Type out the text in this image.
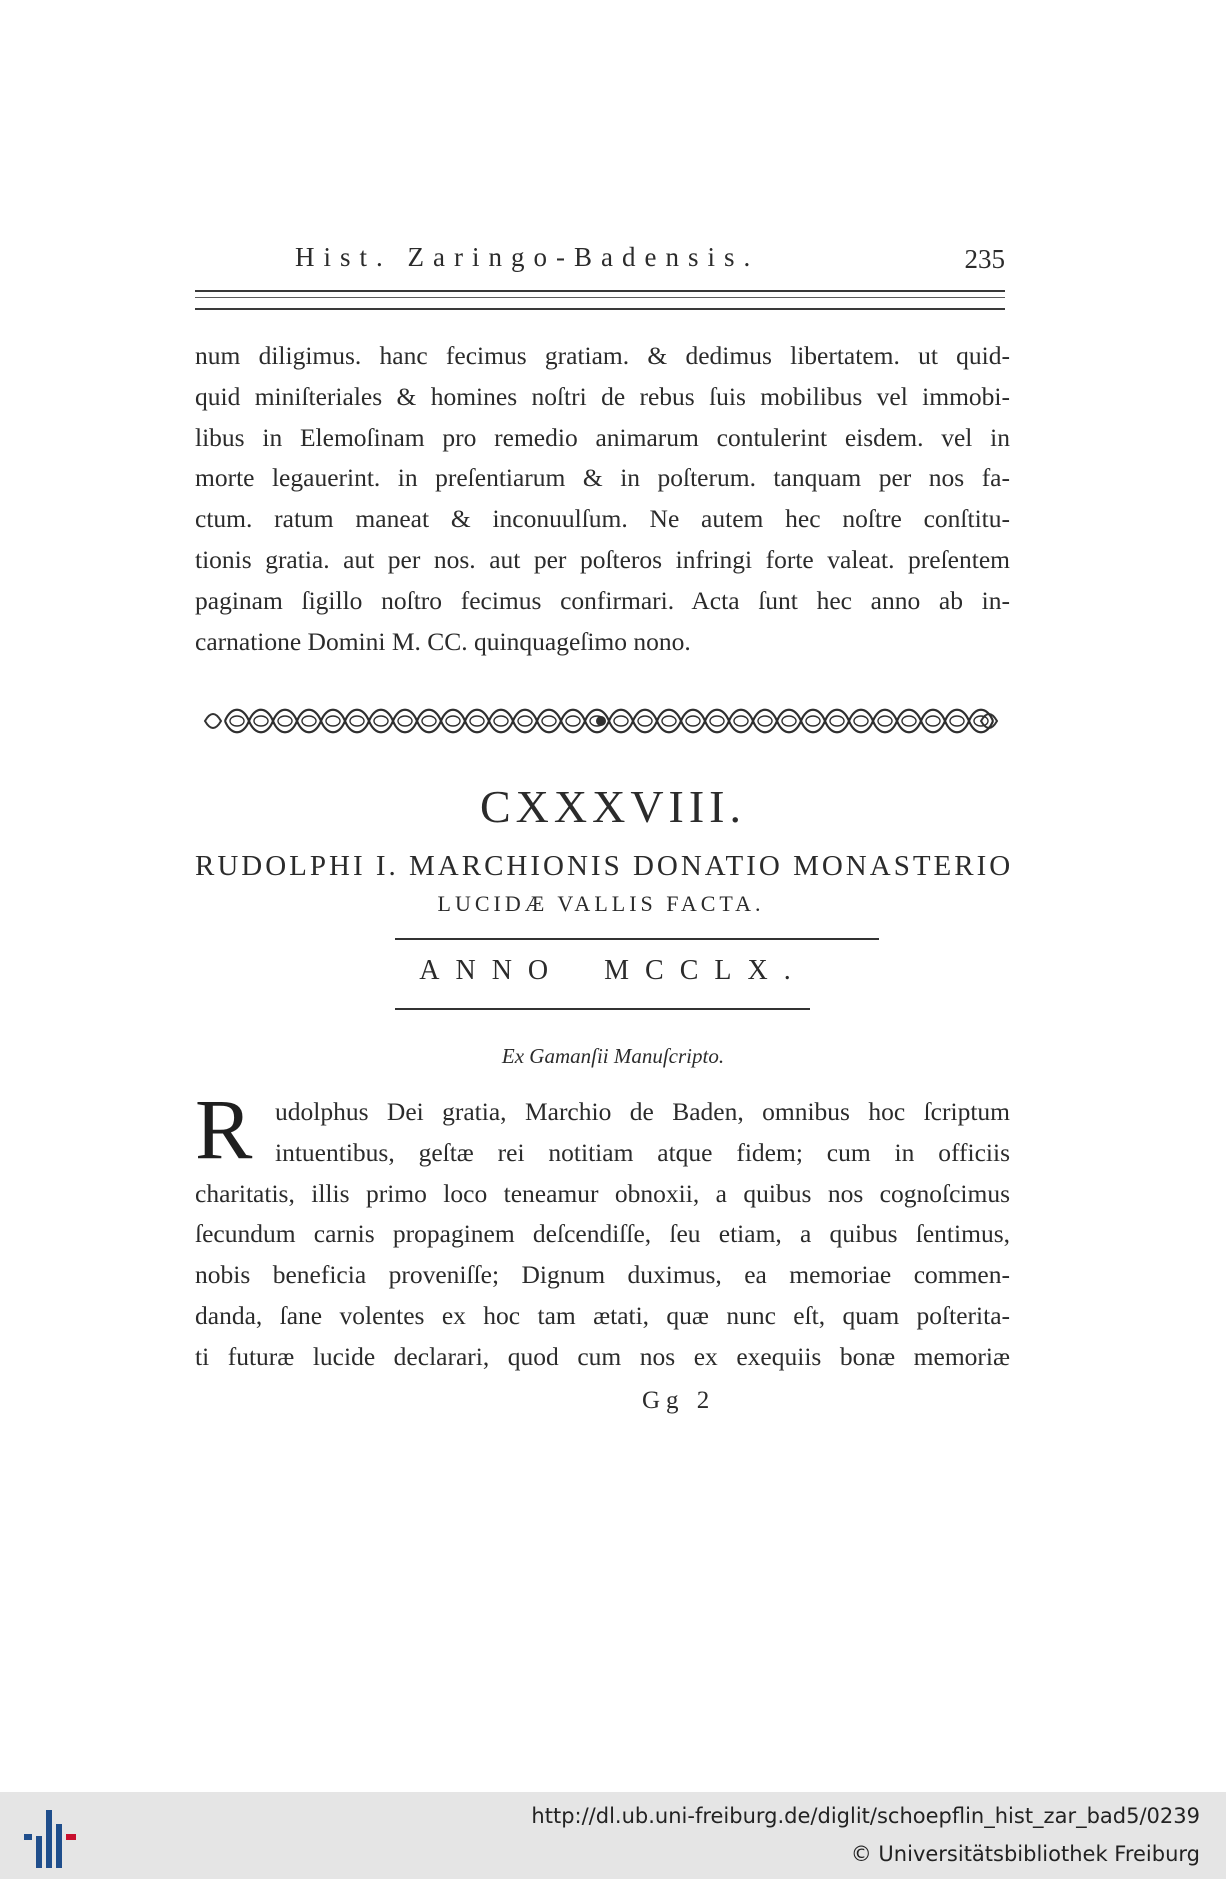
Hist. Zaringo-Badensis.	235
num diligimus. hanc fecimus gratiam. & dedimus libertatem. ut quid-
quid miniſteriales & homines noſtri de rebus ſuis mobilibus vel immobi-
libus in Elemoſinam pro remedio animarum contulerint eisdem. vel in
morte legauerint. in preſentiarum & in poſterum. tanquam per nos fa-
ctum. ratum maneat & inconuulſum. Ne autem hec noſtre conſtitu-
tionis gratia. aut per nos. aut per poſteros infringi forte valeat. preſentem
paginam ſigillo noſtro fecimus confirmari. Acta ſunt hec anno ab in-
carnatione Domini M. CC. quinquageſimo nono.
CXXXVIII.
RUDOLPHI I. MARCHIONIS DONATIO MONASTERIO
LUCIDÆ VALLIS FACTA.
ANNO MCCLX.
Ex Gamanſii Manuſcripto.
R udolphus Dei gratia, Marchio de Baden, omnibus hoc ſcriptum
intuentibus, geſtæ rei notitiam atque fidem; cum in officiis
charitatis, illis primo loco teneamur obnoxii, a quibus nos cognoſcimus
ſecundum carnis propaginem deſcendiſſe, ſeu etiam, a quibus ſentimus,
nobis beneficia proveniſſe; Dignum duximus, ea memoriae commen-
danda, ſane volentes ex hoc tam ætati, quæ nunc eſt, quam poſterita-
ti futuræ lucide declarari, quod cum nos ex exequiis bonæ memoriæ
Gg 2
http://dl.ub.uni-freiburg.de/diglit/schoepflin_hist_zar_bad5/0239
© Universitätsbibliothek Freiburg
